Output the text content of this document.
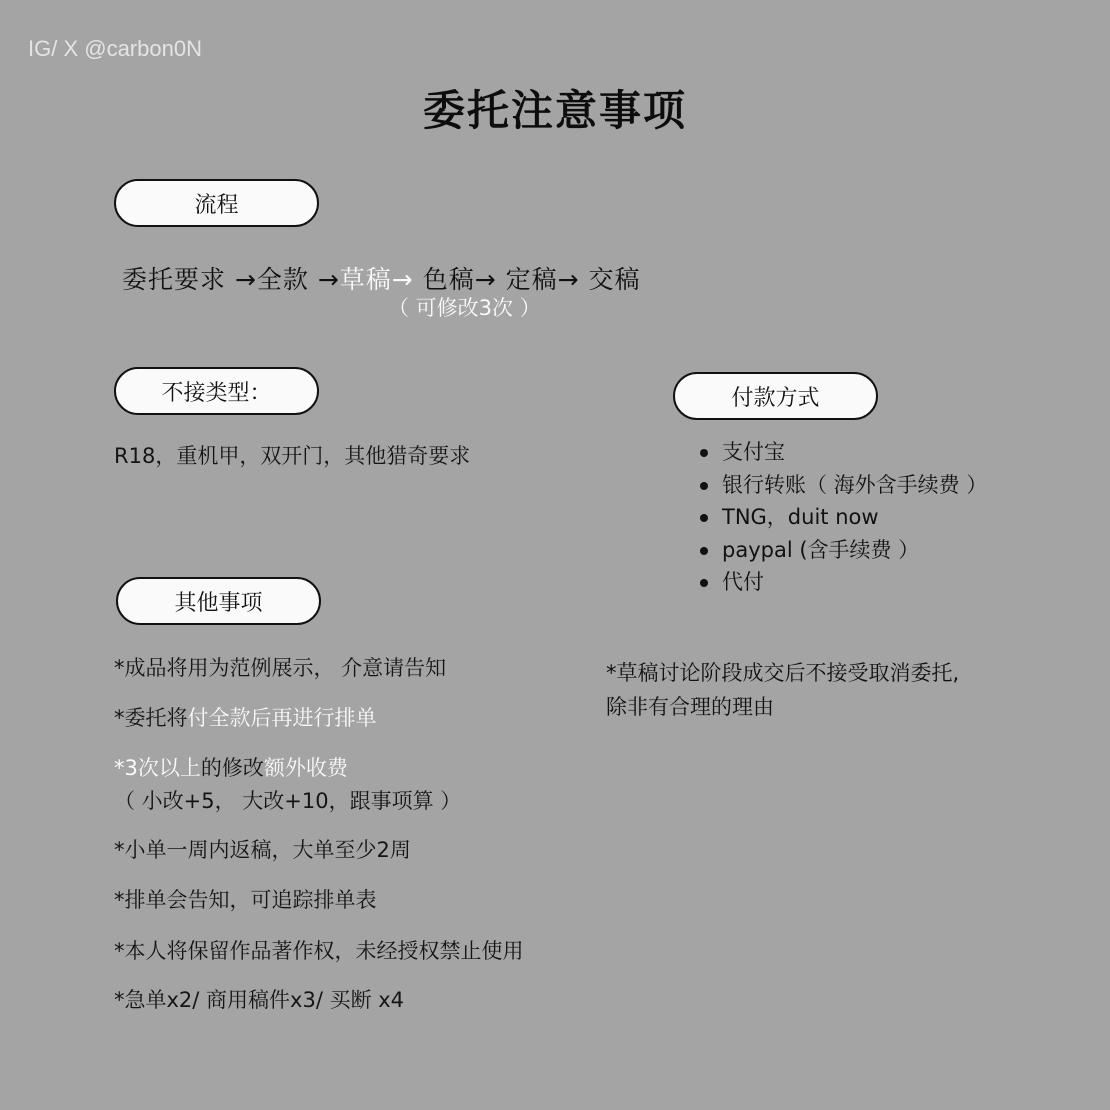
IG/ X @carbon0N
委托注意事项
流程
委托要求 →全款 →草稿→ 色稿→ 定稿→ 交稿
（ 可修改3次 ）
不接类型：
R18，重机甲，双开门，其他猎奇要求
付款方式
支付宝
银行转账（ 海外含手续费 ）
TNG，duit now
paypal (含手续费 ）
代付
其他事项
*成品将用为范例展示， 介意请告知
*委托将付全款后再进行排单
*3次以上的修改额外收费
（ 小改+5， 大改+10，跟事项算 ）
*小单一周内返稿，大单至少2周
*排单会告知，可追踪排单表
*本人将保留作品著作权，未经授权禁止使用
*急单x2/ 商用稿件x3/ 买断 x4
*草稿讨论阶段成交后不接受取消委托, 除非有合理的理由
